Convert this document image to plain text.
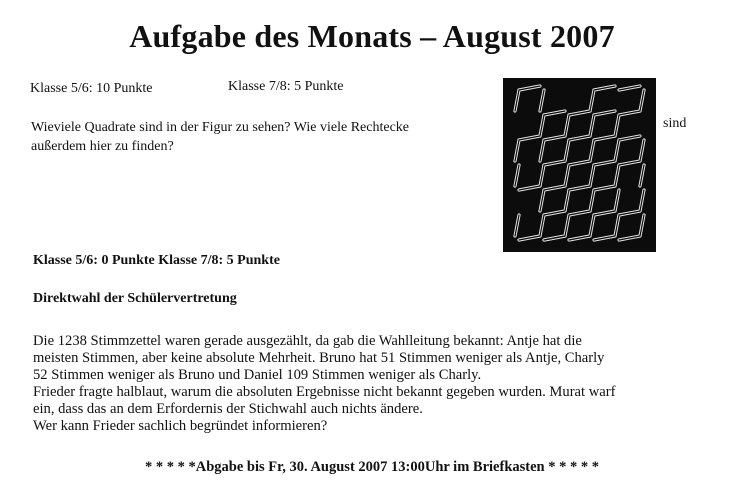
Aufgabe des Monats – August 2007
Klasse 5/6: 10 Punkte	Klasse 7/8: 5 Punkte
Wieviele Quadrate sind in der Figur zu sehen? Wie viele Rechtecke
außerdem hier zu finden?
sind
Klasse 5/6: 0 Punkte Klasse 7/8: 5 Punkte
Direktwahl der Schülervertretung
Die 1238 Stimmzettel waren gerade ausgezählt, da gab die Wahlleitung bekannt: Antje hat die
meisten Stimmen, aber keine absolute Mehrheit. Bruno hat 51 Stimmen weniger als Antje, Charly
52 Stimmen weniger als Bruno und Daniel 109 Stimmen weniger als Charly.
Frieder fragte halblaut, warum die absoluten Ergebnisse nicht bekannt gegeben wurden. Murat warf
ein, dass das an dem Erfordernis der Stichwahl auch nichts ändere.
Wer kann Frieder sachlich begründet informieren?
* * * * *Abgabe bis Fr, 30. August 2007 13:00Uhr im Briefkasten * * * * *
